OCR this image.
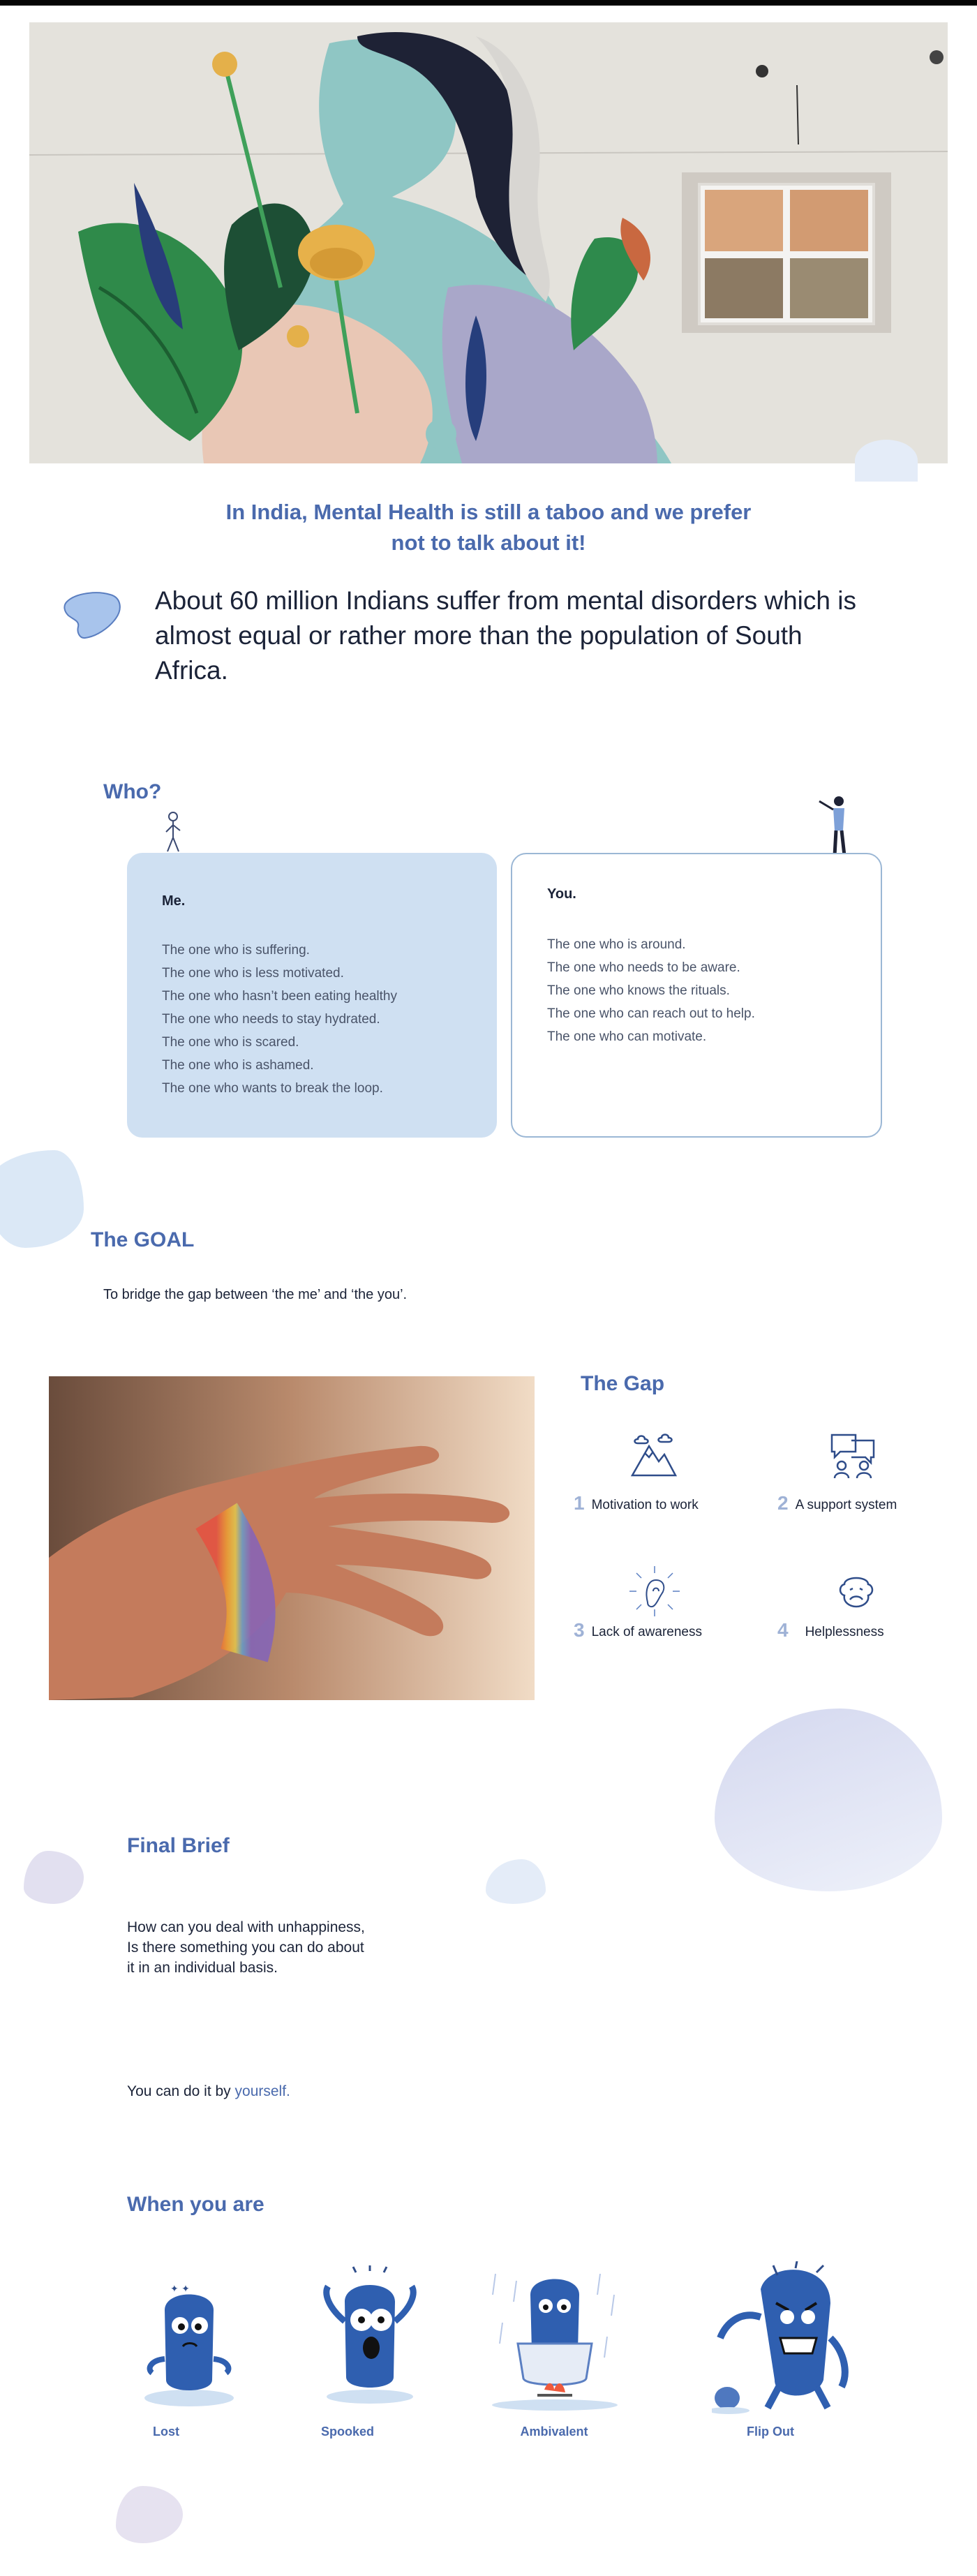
In India, Mental Health is still a taboo and we prefer
not to talk about it!
About 60 million Indians suffer from mental disorders which is almost equal or rather more than the population of South Africa.
Who?
Me.
The one who is suffering.
The one who is less motivated.
The one who hasn’t been eating healthy
The one who needs to stay hydrated.
The one who is scared.
The one who is ashamed.
The one who wants to break the loop.
You.
The one who is around.
The one who needs to be aware.
The one who knows the rituals.
The one who can reach out to help.
The one who can motivate.
The GOAL
To bridge the gap between ‘the me’ and ‘the you’.
The Gap
1 Motivation to work	2 A support system
3 Lack of awareness	4 Helplessness
Final Brief
How can you deal with unhappiness,
Is there something you can do about
it in an individual basis.
You can do it by yourself.
When you are
✦ ✦
Lost	Spooked	Ambivalent	Flip Out
